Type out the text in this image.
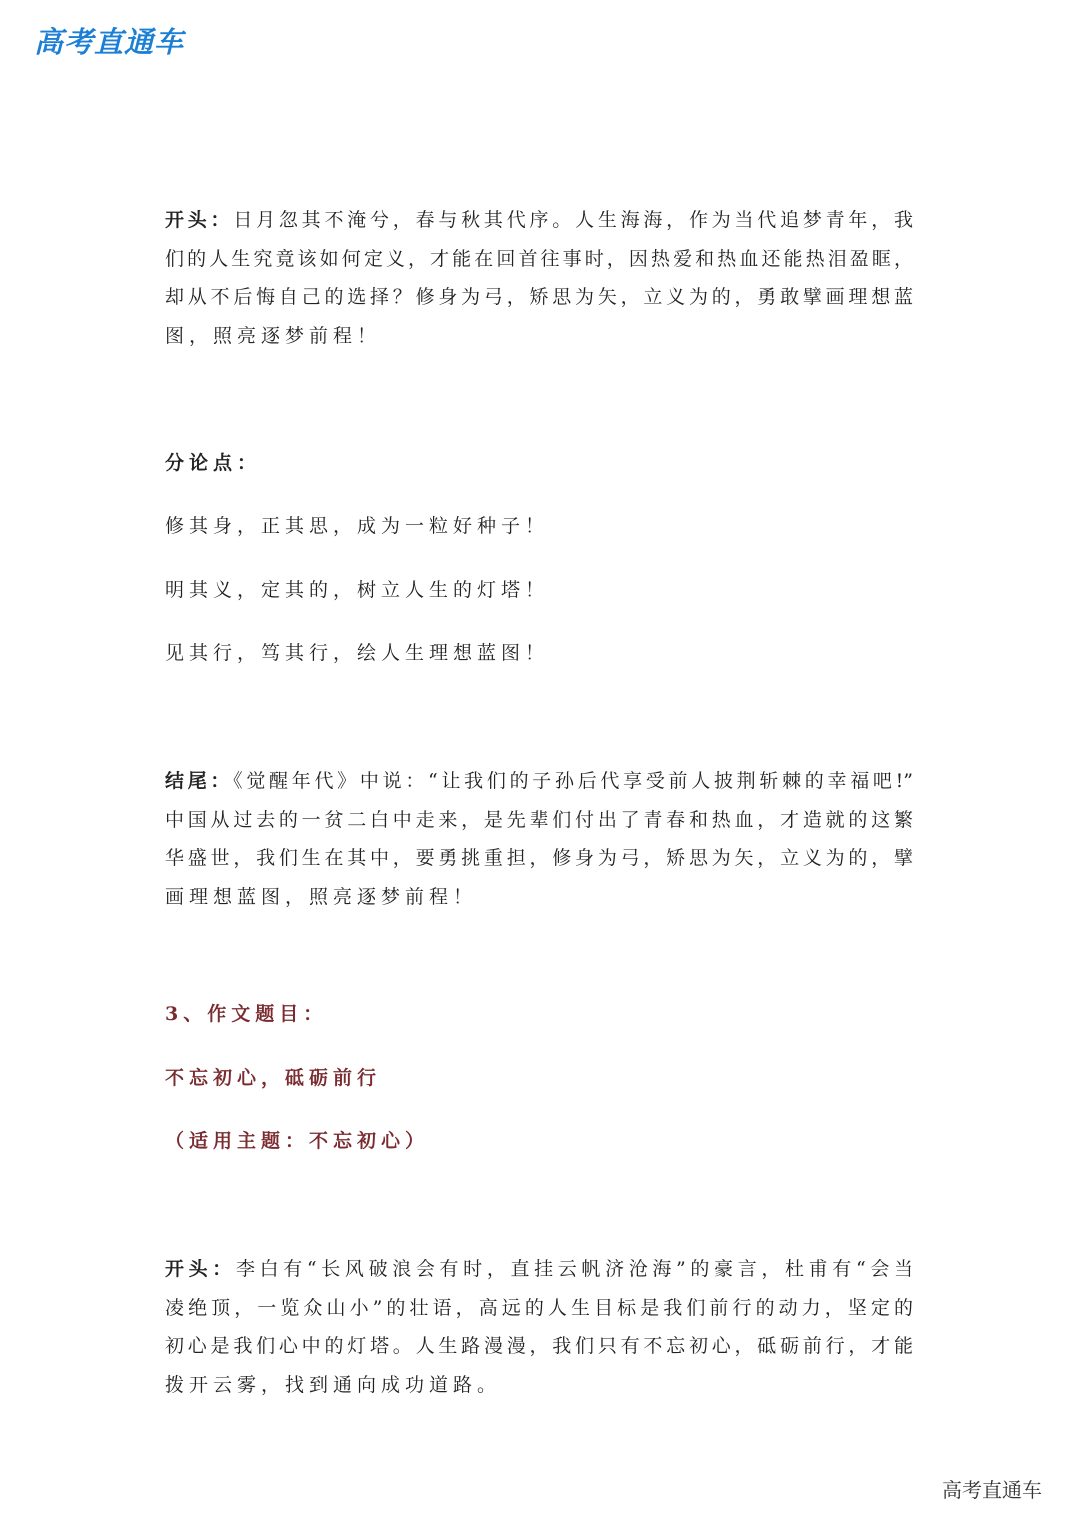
高考直通车
开头：日月忽其不淹兮，春与秋其代序。人生海海，作为当代追梦青年，我
们的人生究竟该如何定义，才能在回首往事时，因热爱和热血还能热泪盈眶，
却从不后悔自己的选择？修身为弓，矫思为矢，立义为的，勇敢擘画理想蓝
图，照亮逐梦前程！
分论点：
修其身，正其思，成为一粒好种子！
明其义，定其的，树立人生的灯塔！
见其行，笃其行，绘人生理想蓝图！
结尾：《觉醒年代》中说：“让我们的子孙后代享受前人披荆斩棘的幸福吧!”
中国从过去的一贫二白中走来，是先辈们付出了青春和热血，才造就的这繁
华盛世，我们生在其中，要勇挑重担，修身为弓，矫思为矢，立义为的，擘
画理想蓝图，照亮逐梦前程！
3、作文题目：
不忘初心，砥砺前行
（适用主题：不忘初心）
开头：李白有“长风破浪会有时，直挂云帆济沧海”的豪言，杜甫有“会当
凌绝顶，一览众山小”的壮语，高远的人生目标是我们前行的动力，坚定的
初心是我们心中的灯塔。人生路漫漫，我们只有不忘初心，砥砺前行，才能
拨开云雾，找到通向成功道路。
高考直通车
